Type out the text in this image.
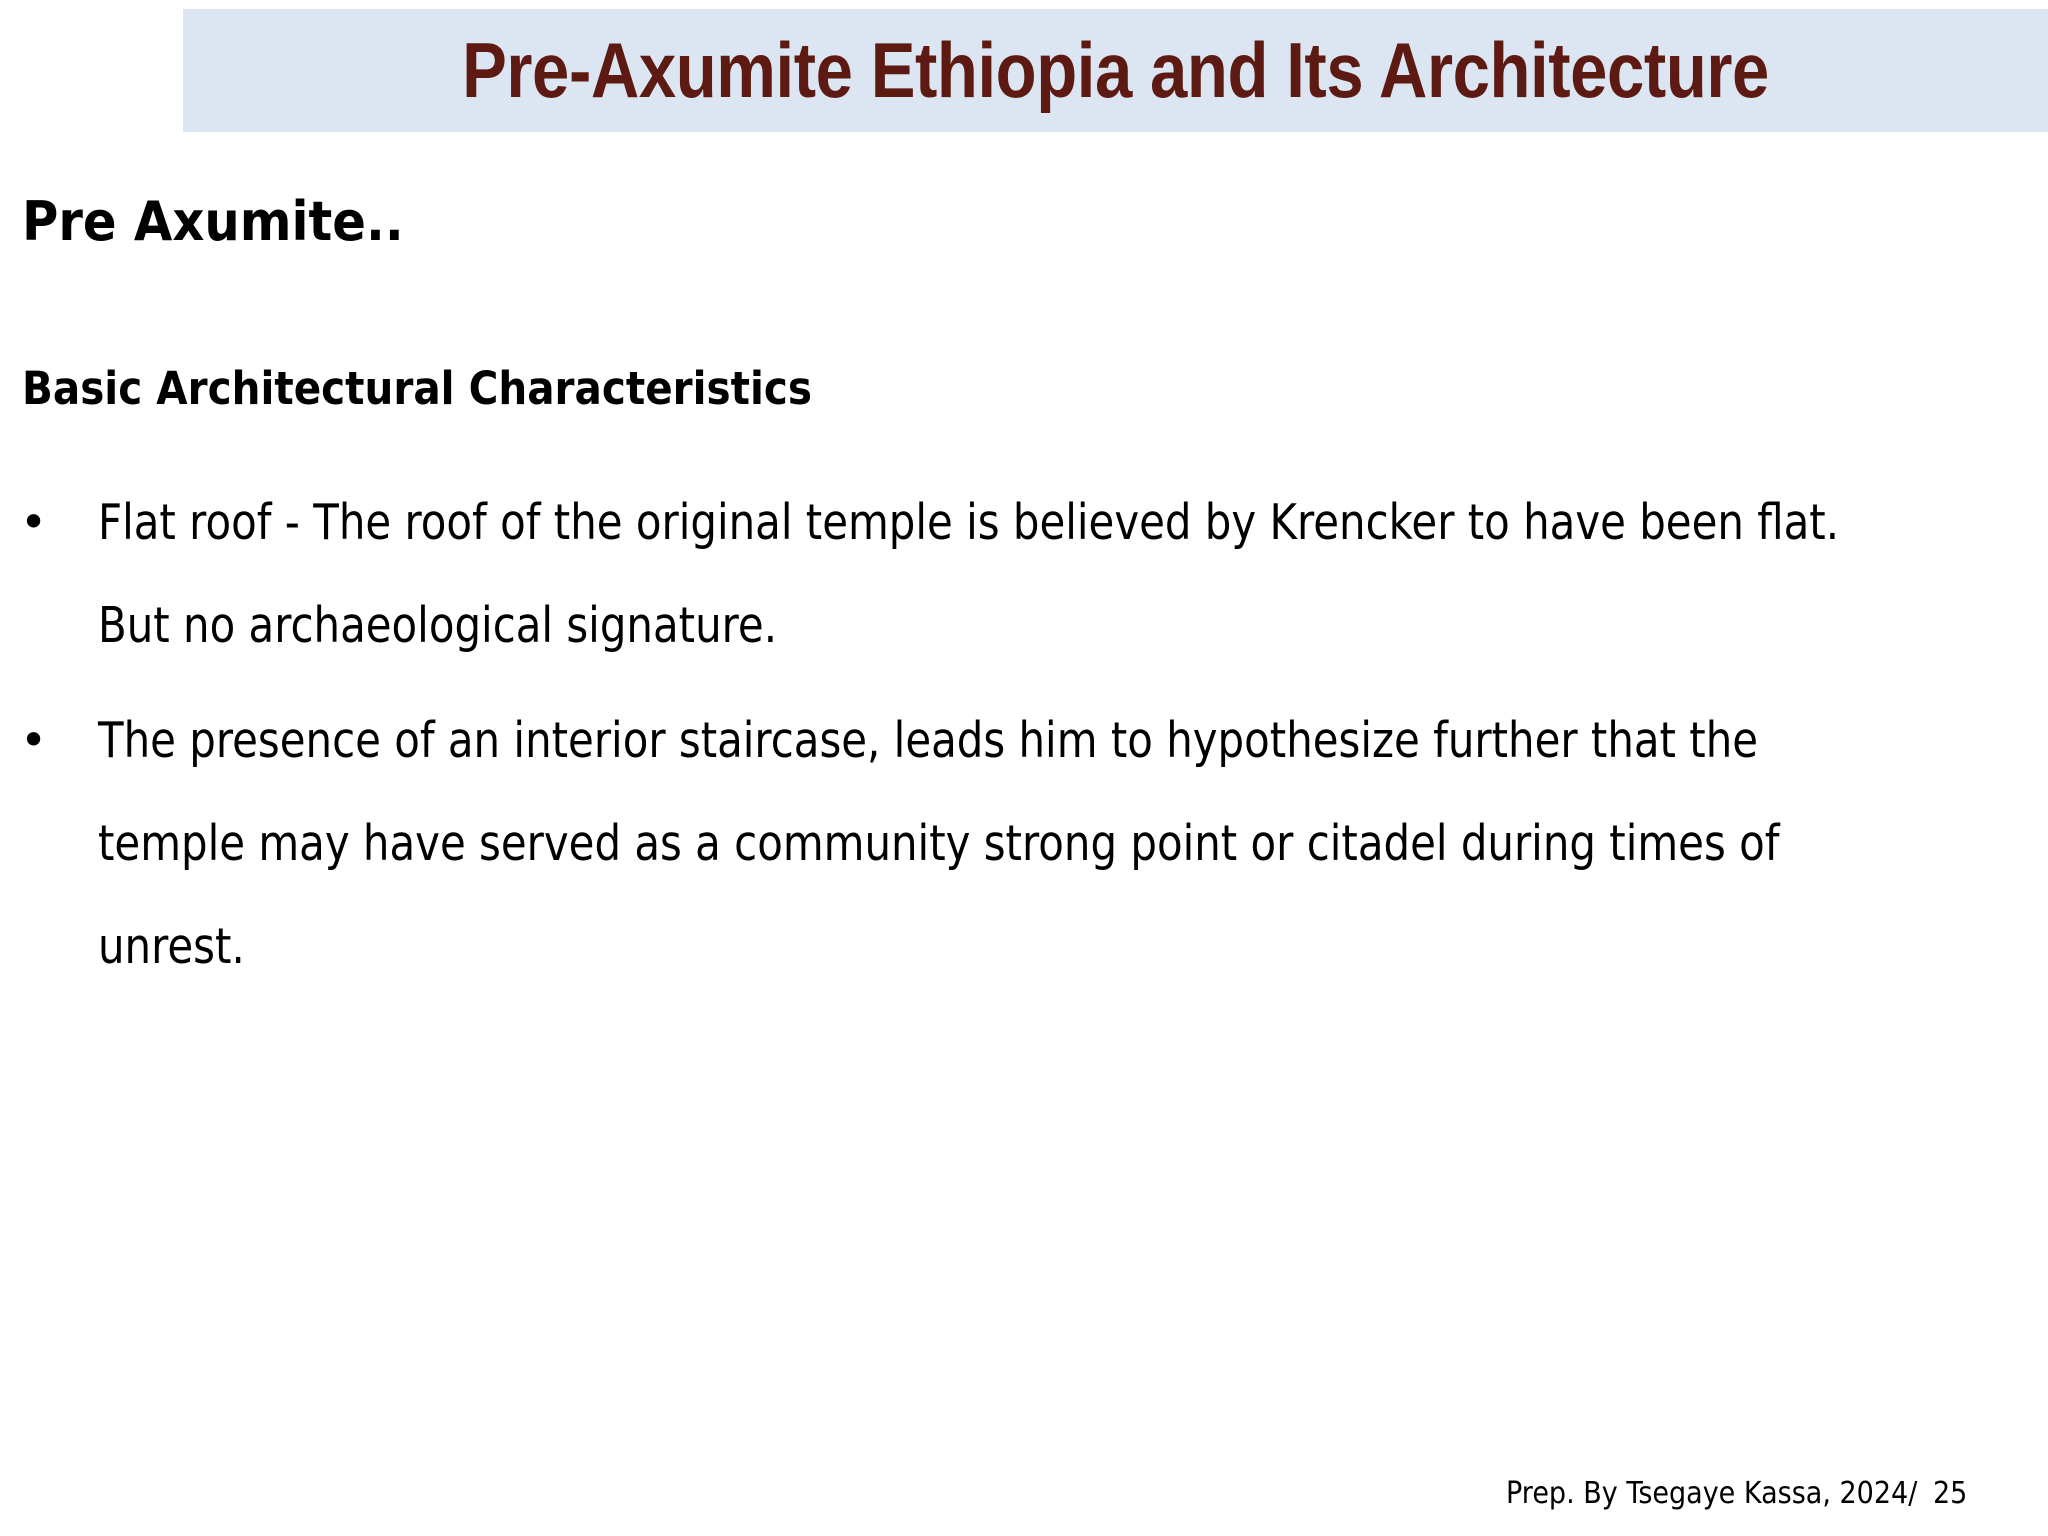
Pre-Axumite Ethiopia and Its Architecture
Pre Axumite..
Basic Architectural Characteristics
• Flat roof - The roof of the original temple is believed by Krencker to have been flat.
But no archaeological signature.
• The presence of an interior staircase, leads him to hypothesize further that the
temple may have served as a community strong point or citadel during times of
unrest.

Prep. By Tsegaye Kassa, 2024/ 25
